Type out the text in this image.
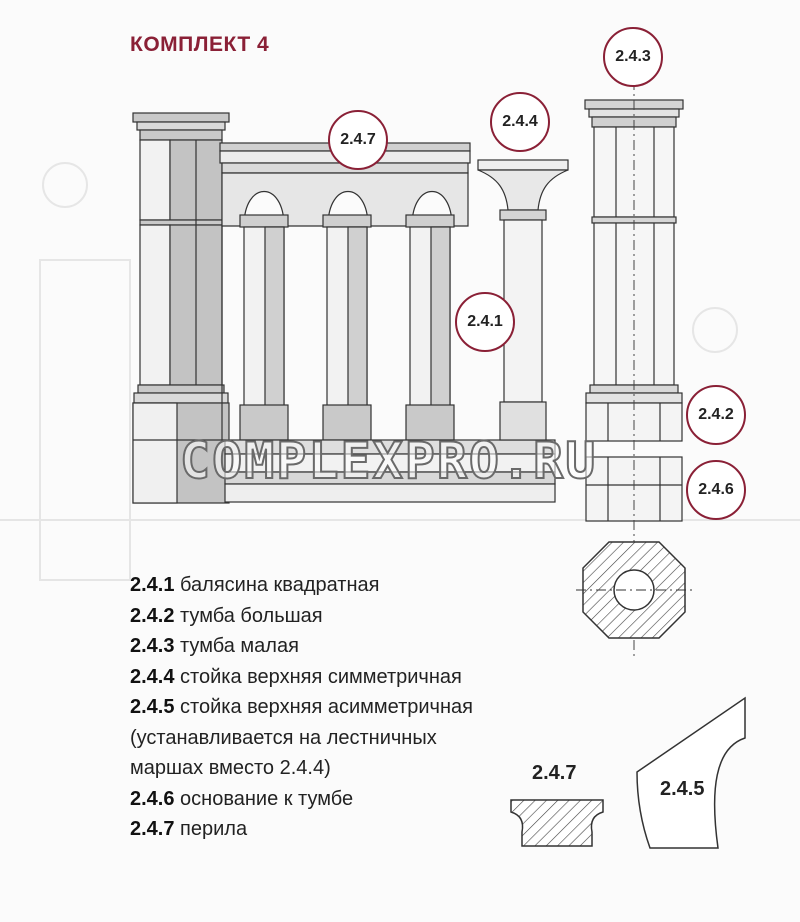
КОМПЛЕКТ 4
2.4.3
2.4.4
2.4.7
2.4.1
2.4.2
2.4.6
2.4.7
2.4.5
COMPLEXPRO.RU
2.4.1 балясина квадратная
2.4.2 тумба большая
2.4.3 тумба малая
2.4.4 стойка верхняя симметричная
2.4.5 стойка верхняя асимметричная
(устанавливается на лестничных
маршах вместо 2.4.4)
2.4.6 основание к тумбе
2.4.7 перила
